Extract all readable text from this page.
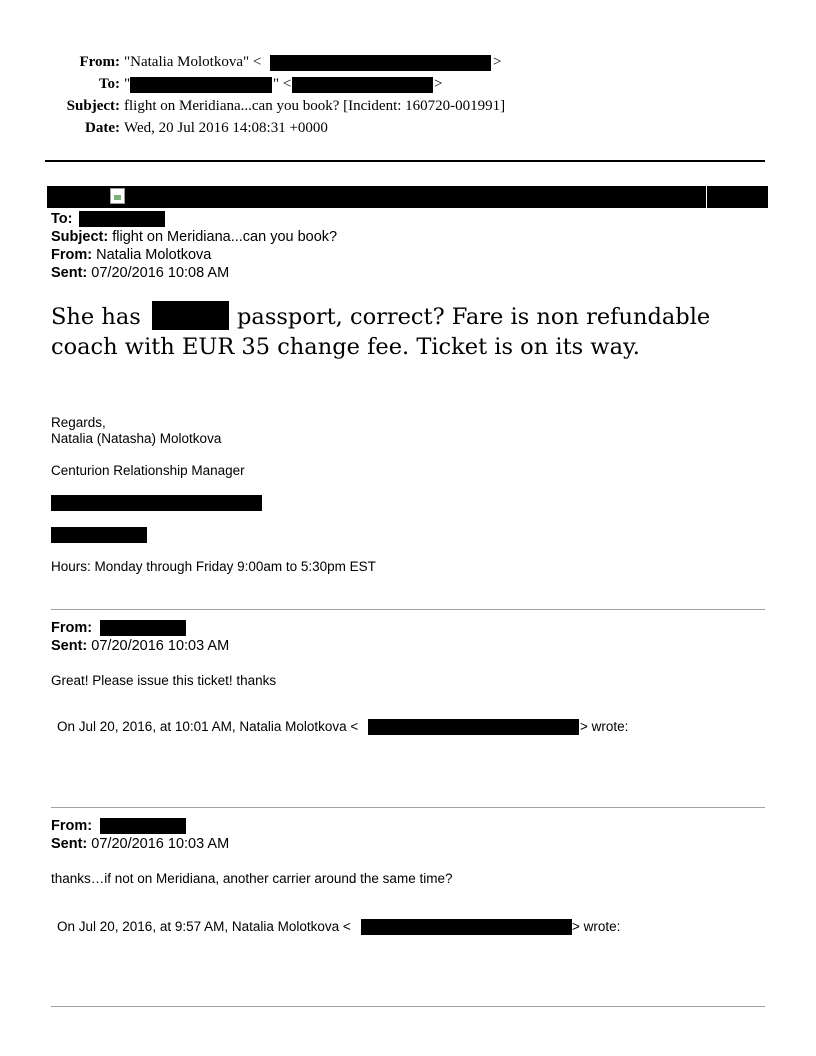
From: "Natalia Molotkova" <	>
To: "	" <	>
Subject: flight on Meridiana...can you book? [Incident: 160720-001991]
Date: Wed, 20 Jul 2016 14:08:31 +0000
To:
Subject: flight on Meridiana...can you book?
From: Natalia Molotkova
Sent: 07/20/2016 10:08 AM
She has	passport, correct? Fare is non refundable
coach with EUR 35 change fee. Ticket is on its way.
Regards,
Natalia (Natasha) Molotkova
Centurion Relationship Manager
Hours: Monday through Friday 9:00am to 5:30pm EST
From:
Sent: 07/20/2016 10:03 AM
Great! Please issue this ticket! thanks
On Jul 20, 2016, at 10:01 AM, Natalia Molotkova <	> wrote:
From:
Sent: 07/20/2016 10:03 AM
thanks…if not on Meridiana, another carrier around the same time?
On Jul 20, 2016, at 9:57 AM, Natalia Molotkova <	> wrote:
